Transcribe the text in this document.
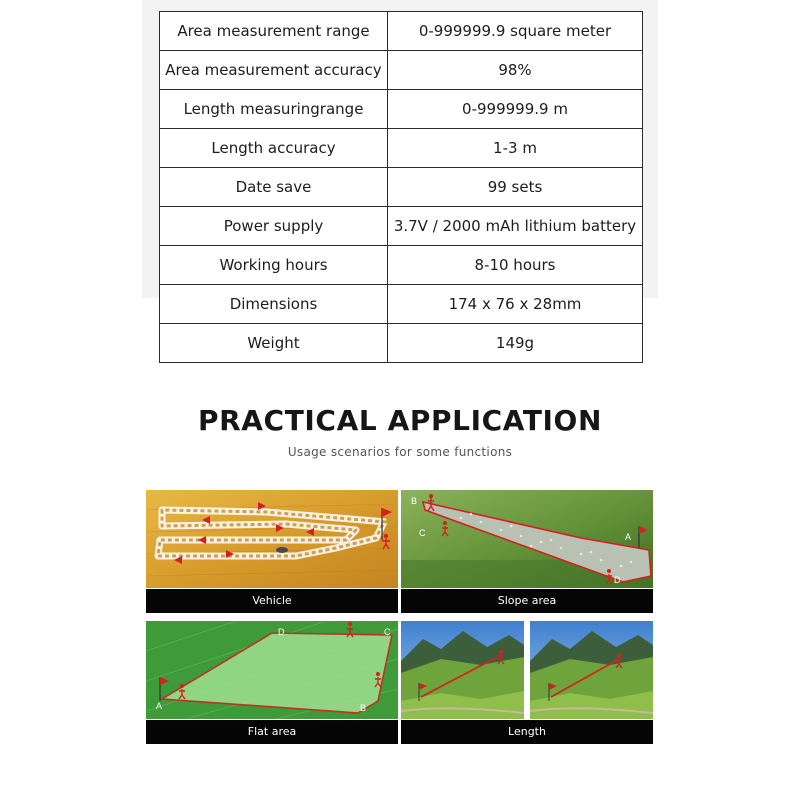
Area measurement range	0-999999.9 square meter
Area measurement accuracy	98%
Length measuringrange	0-999999.9 m
Length accuracy	1-3 m
Date save	99 sets
Power supply	3.7V / 2000 mAh lithium battery
Working hours	8-10 hours
Dimensions	174 x 76 x 28mm
Weight	149g
PRACTICAL APPLICATION
Usage scenarios for some functions
Vehicle
B
A
C
D
Slope area
D	C
A	B
Flat area	Length
